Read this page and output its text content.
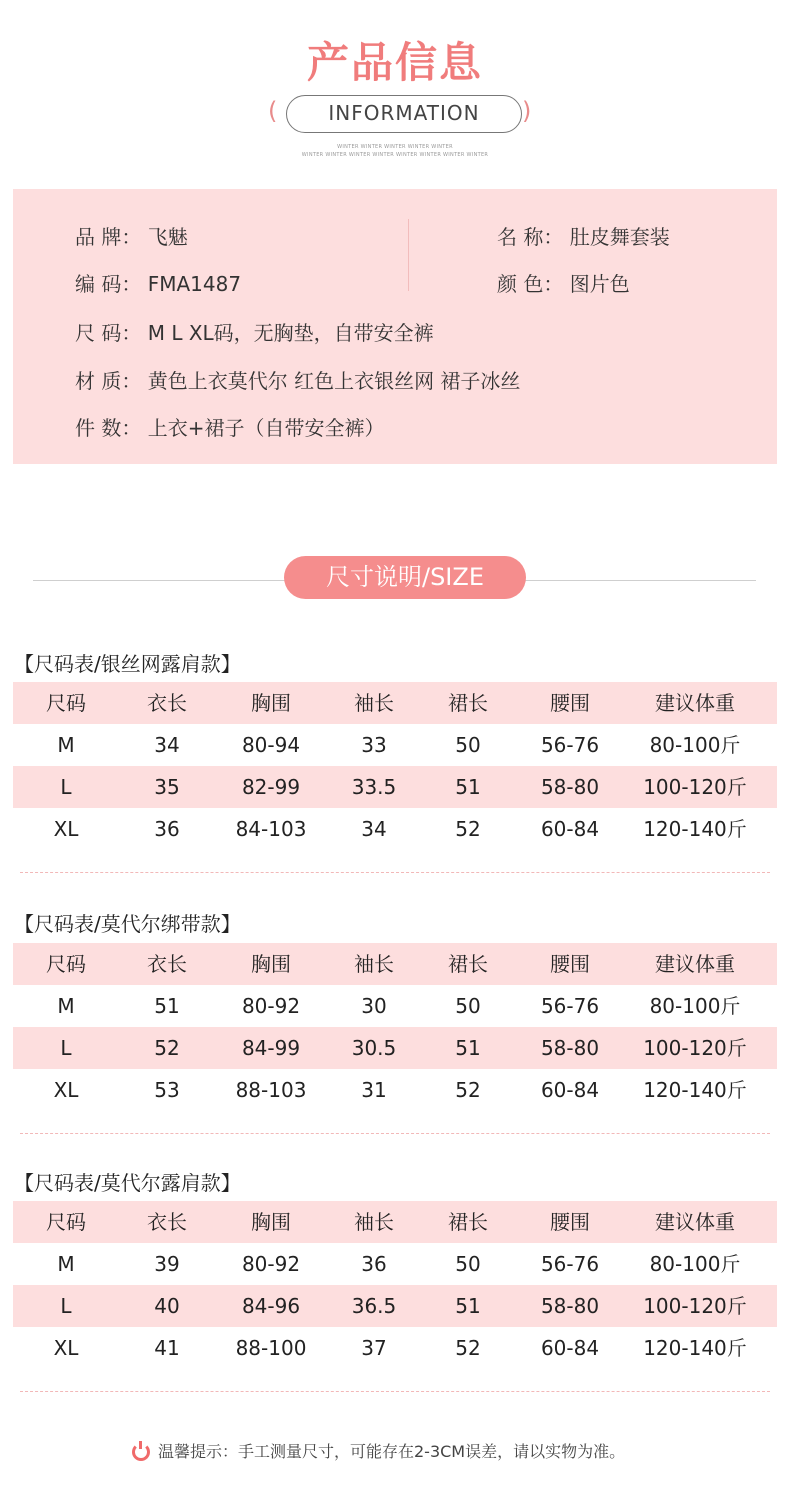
产品信息
(	INFORMATION	)
WINTER WINTER WINTER WINTER WINTER
WINTER WINTER WINTER WINTER WINTER WINTER WINTER WINTER
品 牌： 飞魅	名 称： 肚皮舞套装
编 码： FMA1487	颜 色： 图片色
尺 码： M L XL码，无胸垫，自带安全裤
材 质： 黄色上衣莫代尔 红色上衣银丝网 裙子冰丝
件 数： 上衣+裙子（自带安全裤）
尺寸说明/SIZE
【尺码表/银丝网露肩款】
尺码	衣长	胸围	袖长	裙长	腰围	建议体重
M	34	80-94	33	50	56-76	80-100斤
L	35	82-99	33.5	51	58-80	100-120斤
XL	36	84-103	34	52	60-84	120-140斤
【尺码表/莫代尔绑带款】
尺码	衣长	胸围	袖长	裙长	腰围	建议体重
M	51	80-92	30	50	56-76	80-100斤
L	52	84-99	30.5	51	58-80	100-120斤
XL	53	88-103	31	52	60-84	120-140斤
【尺码表/莫代尔露肩款】
尺码	衣长	胸围	袖长	裙长	腰围	建议体重
M	39	80-92	36	50	56-76	80-100斤
L	40	84-96	36.5	51	58-80	100-120斤
XL	41	88-100	37	52	60-84	120-140斤
温馨提示：手工测量尺寸，可能存在2-3CM误差，请以实物为准。
